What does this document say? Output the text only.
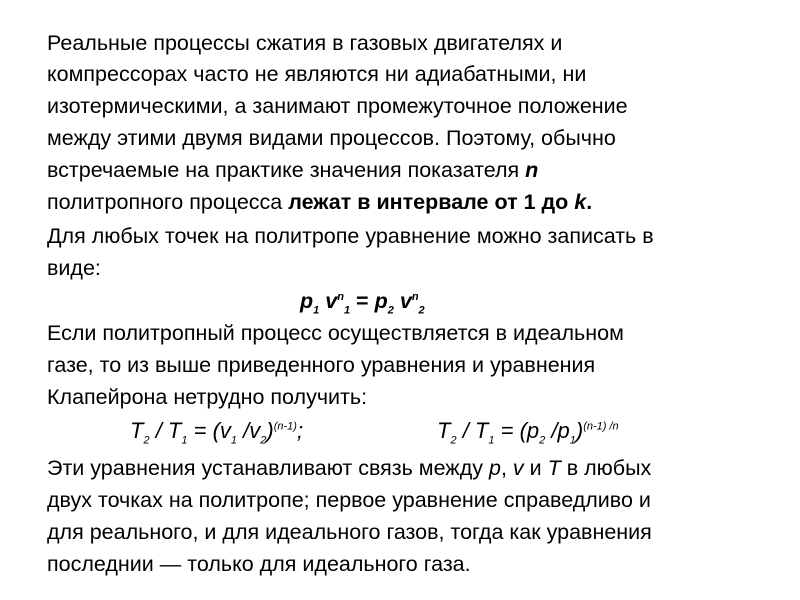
Реальные процессы сжатия в газовых двигателях и
компрессорах часто не являются ни адиабатными, ни
изотермическими, а занимают промежуточное положение
между этими двумя видами процессов. Поэтому, обычно
встречаемые на практике значения показателя n
политропного процесса лежат в интервале от 1 до k.
Для любых точек на политропе уравнение можно записать в
виде:
$p_1$ $v^n_1 = p_2$ $v^n_2$
Если политропный процесс осуществляется в идеальном
газе, то из выше приведенного уравнения и уравнения
Клапейрона нетрудно получить:
$T_2 / T_1 = (v_1$ $/v_2)^{(n-1)}$;	$T_2 / T_1 = (p_2$ $/p_1)^{(n-1) /n}$
Эти уравнения устанавливают связь между p, v и T в любых
двух точках на политропе; первое уравнение справедливо и
для реального, и для идеального газов, тогда как уравнения
последнии — только для идеального газа.
